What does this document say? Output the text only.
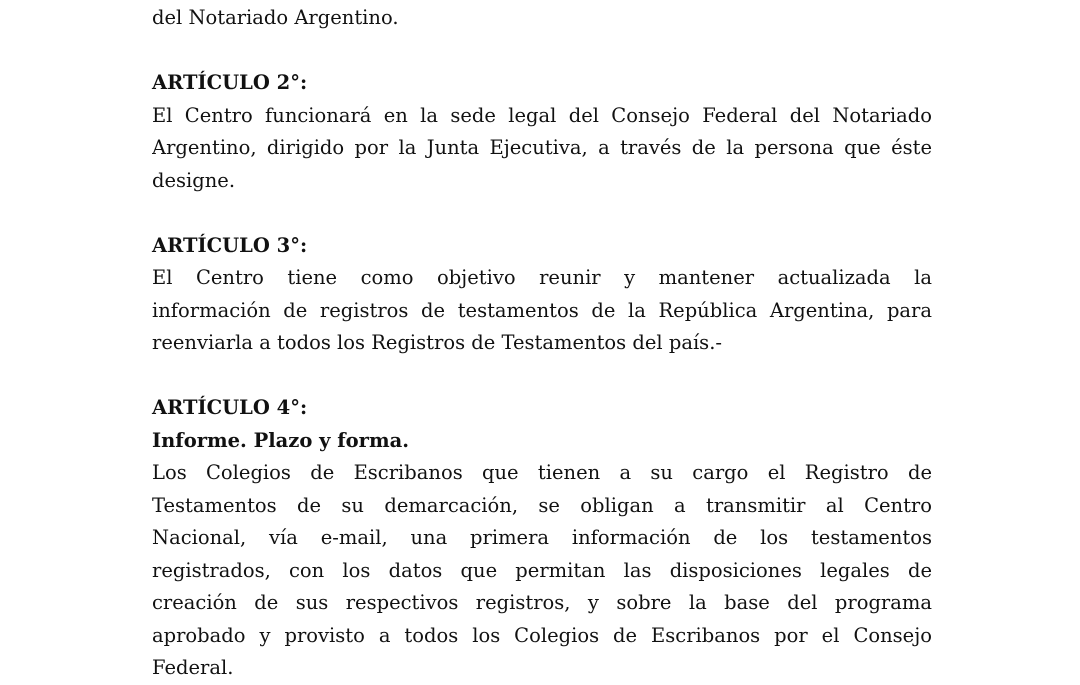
del Notariado Argentino.
ARTÍCULO 2°:
El Centro funcionará en la sede legal del Consejo Federal del Notariado
Argentino, dirigido por la Junta Ejecutiva, a través de la persona que éste
designe.
ARTÍCULO 3°:
El Centro tiene como objetivo reunir y mantener actualizada la
información de registros de testamentos de la República Argentina, para
reenviarla a todos los Registros de Testamentos del país.-
ARTÍCULO 4°:
Informe. Plazo y forma.
Los Colegios de Escribanos que tienen a su cargo el Registro de
Testamentos de su demarcación, se obligan a transmitir al Centro
Nacional, vía e-mail, una primera información de los testamentos
registrados, con los datos que permitan las disposiciones legales de
creación de sus respectivos registros, y sobre la base del programa
aprobado y provisto a todos los Colegios de Escribanos por el Consejo
Federal.
